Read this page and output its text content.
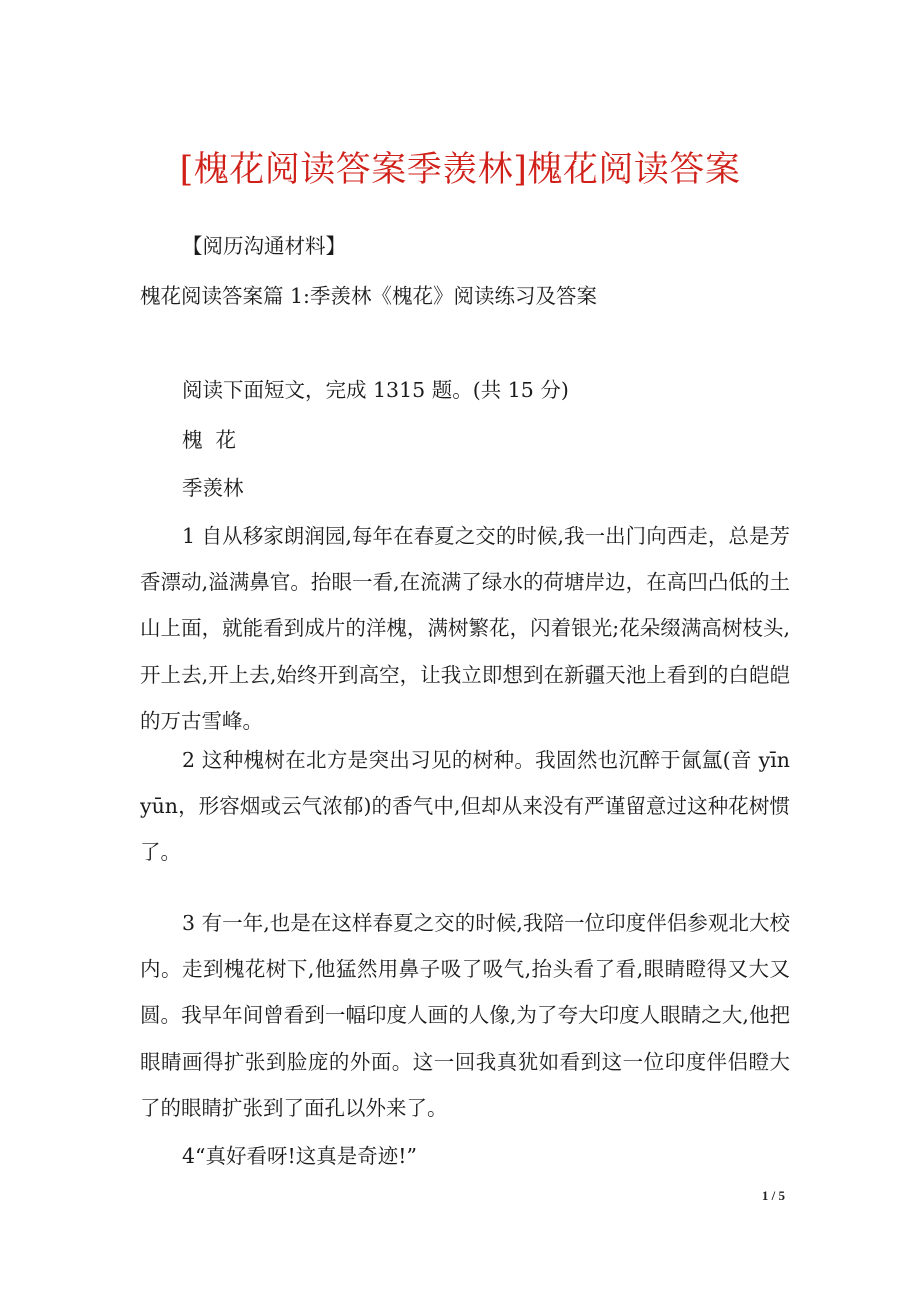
[槐花阅读答案季羡林]槐花阅读答案
【阅历沟通材料】
槐花阅读答案篇 1:季羡林《槐花》阅读练习及答案
阅读下面短文，完成 1315 题。(共 15 分)
槐  花
季羡林
1 自从移家朗润园,每年在春夏之交的时候,我一出门向西走，总是芳香漂动,溢满鼻官。抬眼一看,在流满了绿水的荷塘岸边，在高凹凸低的土山上面，就能看到成片的洋槐，满树繁花，闪着银光;花朵缀满高树枝头,开上去,开上去,始终开到高空，让我立即想到在新疆天池上看到的白皑皑的万古雪峰。
2 这种槐树在北方是突出习见的树种。我固然也沉醉于氤氲(音 yīnyūn，形容烟或云气浓郁)的香气中,但却从来没有严谨留意过这种花树惯了。
3 有一年,也是在这样春夏之交的时候,我陪一位印度伴侣参观北大校内。走到槐花树下,他猛然用鼻子吸了吸气,抬头看了看,眼睛瞪得又大又圆。我早年间曾看到一幅印度人画的人像,为了夸大印度人眼睛之大,他把眼睛画得扩张到脸庞的外面。这一回我真犹如看到这一位印度伴侣瞪大了的眼睛扩张到了面孔以外来了。
4“真好看呀!这真是奇迹!”
1 / 5
